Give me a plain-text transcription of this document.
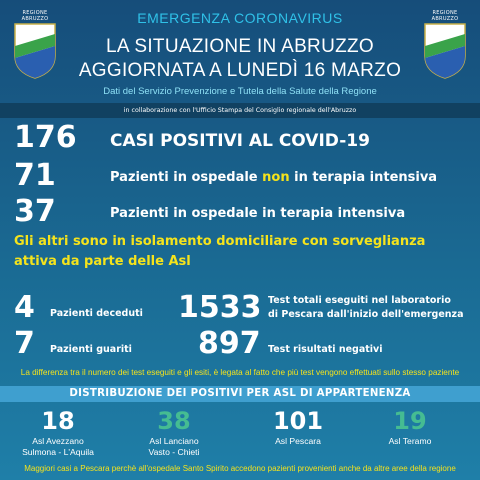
REGIONE ABRUZZO
REGIONE ABRUZZO
EMERGENZA CORONAVIRUS
LA SITUAZIONE IN ABRUZZO
AGGIORNATA A LUNEDÌ 16 MARZO
Dati del Servizio Prevenzione e Tutela della Salute della Regione
in collaborazione con l'Ufficio Stampa del Consiglio regionale dell'Abruzzo
176 CASI POSITIVI AL COVID-19
71	Pazienti in ospedale non in terapia intensiva
37	Pazienti in ospedale in terapia intensiva
Gli altri sono in isolamento domiciliare con sorveglianza
attiva da parte delle Asl
4 Pazienti deceduti 1533 Test totali eseguiti nel laboratorio
di Pescara dall'inizio dell'emergenza
7 Pazienti guariti 897 Test risultati negativi
La differenza tra il numero dei test eseguiti e gli esiti, è legata al fatto che più test vengono effettuati sullo stesso paziente
DISTRIBUZIONE DEI POSITIVI PER ASL DI APPARTENENZA
18
Asl Avezzano
Sulmona - L'Aquila
38
Asl Lanciano
Vasto - Chieti
101
Asl Pescara
19
Asl Teramo
Maggiori casi a Pescara perchè all'ospedale Santo Spirito accedono pazienti provenienti anche da altre aree della regione
